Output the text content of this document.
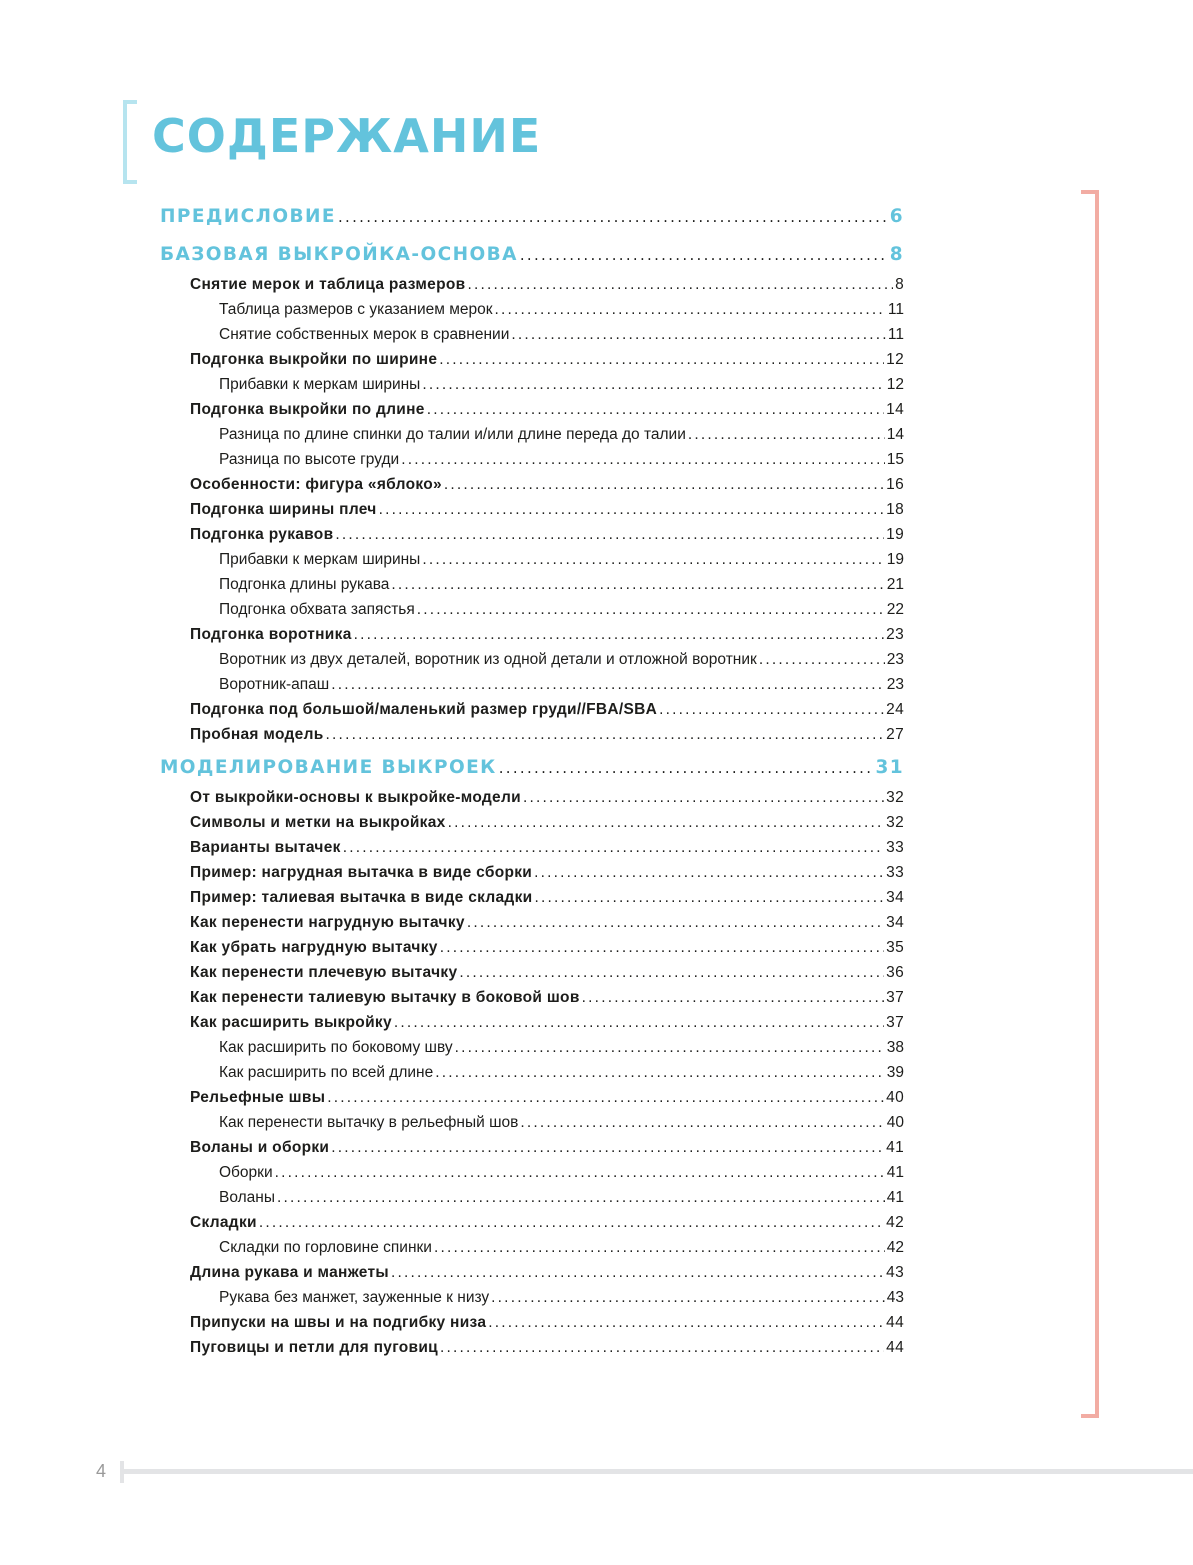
СОДЕРЖАНИЕ
ПРЕДИСЛОВИЕ .....	6
БАЗОВАЯ ВЫКРОЙКА-ОСНОВА .....	8
Снятие мерок и таблица размеров .....	8
Таблица размеров с указанием мерок .....	11
Снятие собственных мерок в сравнении .....	11
Подгонка выкройки по ширине .....	12
Прибавки к меркам ширины .....	12
Подгонка выкройки по длине .....	14
Разница по длине спинки до талии и/или длине переда до талии .....	14
Разница по высоте груди .....	15
Особенности: фигура «яблоко» .....	16
Подгонка ширины плеч .....	18
Подгонка рукавов .....	19
Прибавки к меркам ширины .....	19
Подгонка длины рукава .....	21
Подгонка обхвата запястья .....	22
Подгонка воротника .....	23
Воротник из двух деталей, воротник из одной детали и отложной воротник .....	23
Воротник-апаш .....	23
Подгонка под большой/маленький размер груди//FBA/SBA .....	24
Пробная модель .....	27
МОДЕЛИРОВАНИЕ ВЫКРОЕК .....	31
От выкройки-основы к выкройке-модели .....	32
Символы и метки на выкройках .....	32
Варианты вытачек .....	33
Пример: нагрудная вытачка в виде сборки .....	33
Пример: талиевая вытачка в виде складки .....	34
Как перенести нагрудную вытачку .....	34
Как убрать нагрудную вытачку .....	35
Как перенести плечевую вытачку .....	36
Как перенести талиевую вытачку в боковой шов .....	37
Как расширить выкройку .....	37
Как расширить по боковому шву .....	38
Как расширить по всей длине .....	39
Рельефные швы .....	40
Как перенести вытачку в рельефный шов .....	40
Воланы и оборки .....	41
Оборки .....	41
Воланы .....	41
Складки .....	42
Складки по горловине спинки .....	42
Длина рукава и манжеты .....	43
Рукава без манжет, зауженные к низу .....	43
Припуски на швы и на подгибку низа .....	44
Пуговицы и петли для пуговиц .....	44
4
